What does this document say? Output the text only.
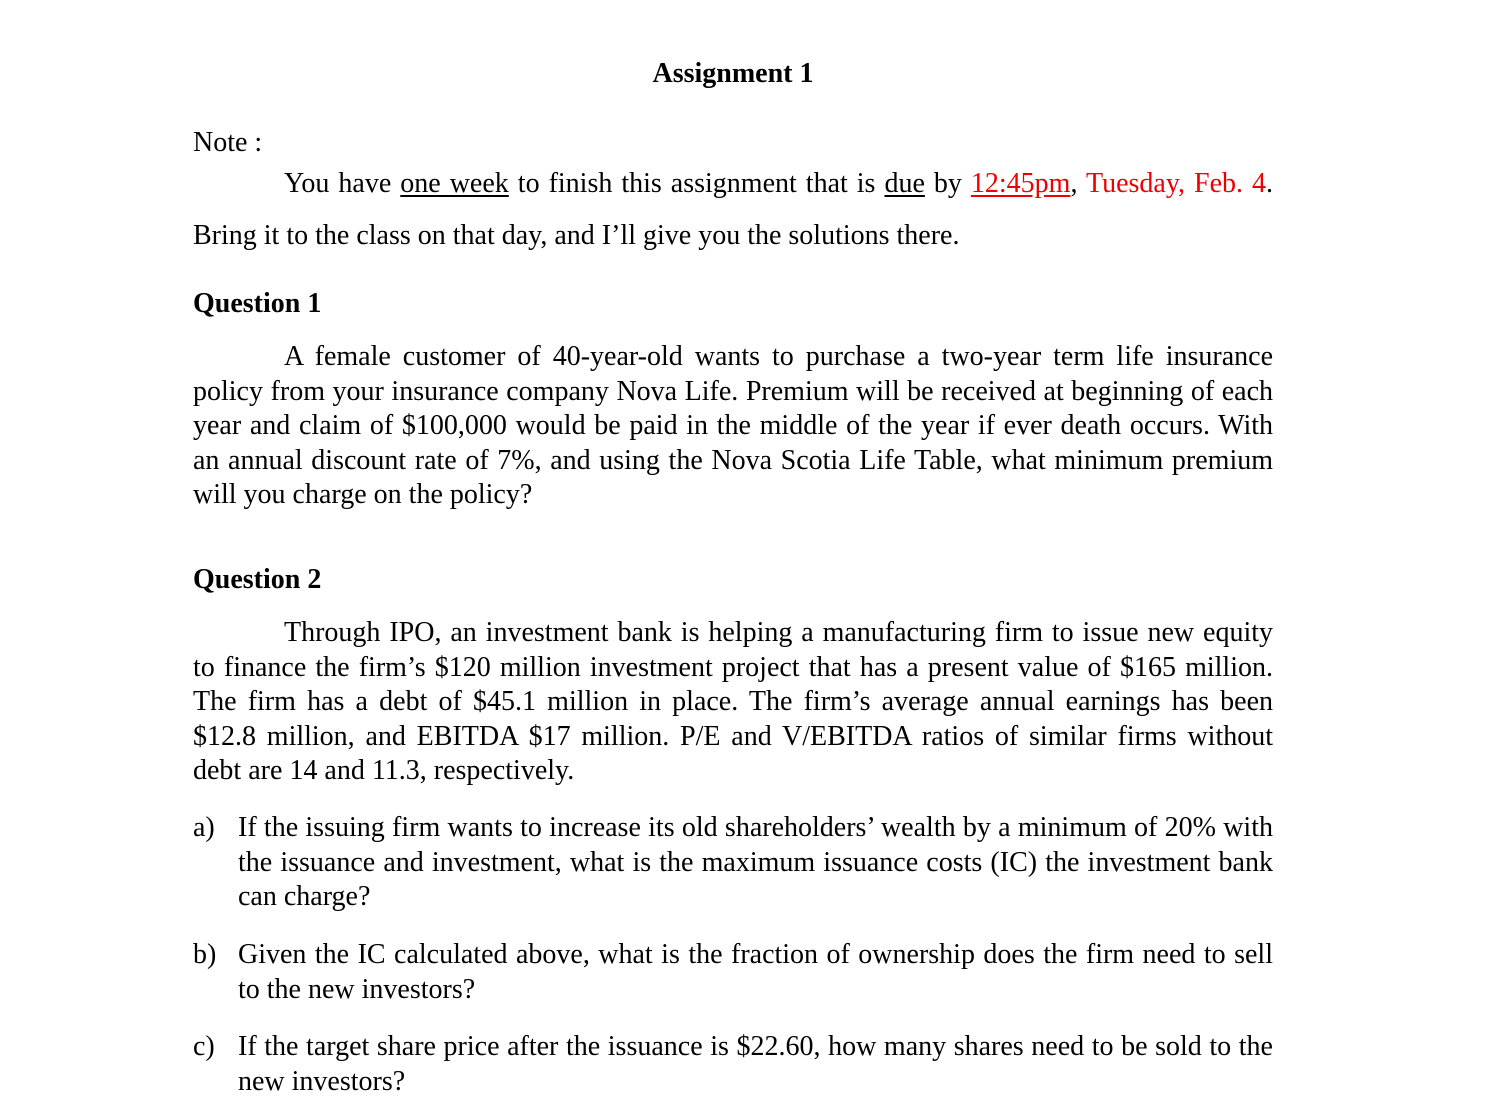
Assignment 1
Note :

You have one week to finish this assignment that is due by 12:45pm, Tuesday, Feb. 4. Bring it to the class on that day, and I’ll give you the solutions there.

Question 1

A female customer of 40-year-old wants to purchase a two-year term life insurance policy from your insurance company Nova Life. Premium will be received at beginning of each year and claim of $100,000 would be paid in the middle of the year if ever death occurs. With an annual discount rate of 7%, and using the Nova Scotia Life Table, what minimum premium will you charge on the policy?

Question 2

Through IPO, an investment bank is helping a manufacturing firm to issue new equity to finance the firm’s $120 million investment project that has a present value of $165 million. The firm has a debt of $45.1 million in place. The firm’s average annual earnings has been $12.8 million, and EBITDA $17 million. P/E and V/EBITDA ratios of similar firms without debt are 14 and 11.3, respectively.

a) If the issuing firm wants to increase its old shareholders’ wealth by a minimum of 20% with the issuance and investment, what is the maximum issuance costs (IC) the investment bank can charge?

b) Given the IC calculated above, what is the fraction of ownership does the firm need to sell to the new investors?

c) If the target share price after the issuance is $22.60, how many shares need to be sold to the new investors?
